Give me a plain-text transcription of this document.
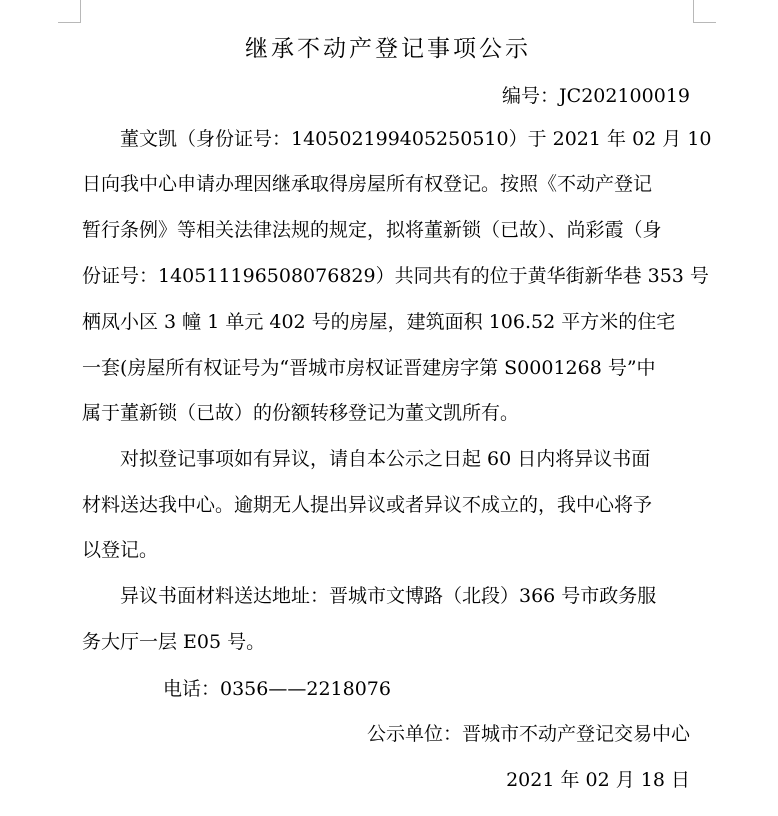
继承不动产登记事项公示
编号：JC202100019
董文凯（身份证号：140502199405250510）于 2021 年 02 月 10
日向我中心申请办理因继承取得房屋所有权登记。按照《不动产登记
暂行条例》等相关法律法规的规定，拟将董新锁（已故）、尚彩霞（身
份证号：140511196508076829）共同共有的位于黄华街新华巷 353 号
栖凤小区 3 幢 1 单元 402 号的房屋，建筑面积 106.52 平方米的住宅
一套(房屋所有权证号为“晋城市房权证晋建房字第 S0001268 号”中
属于董新锁（已故）的份额转移登记为董文凯所有。
对拟登记事项如有异议，请自本公示之日起 60 日内将异议书面
材料送达我中心。逾期无人提出异议或者异议不成立的，我中心将予
以登记。
异议书面材料送达地址：晋城市文博路（北段）366 号市政务服
务大厅一层 E05 号。
电话：0356——2218076
公示单位：晋城市不动产登记交易中心
2021 年 02 月 18 日
